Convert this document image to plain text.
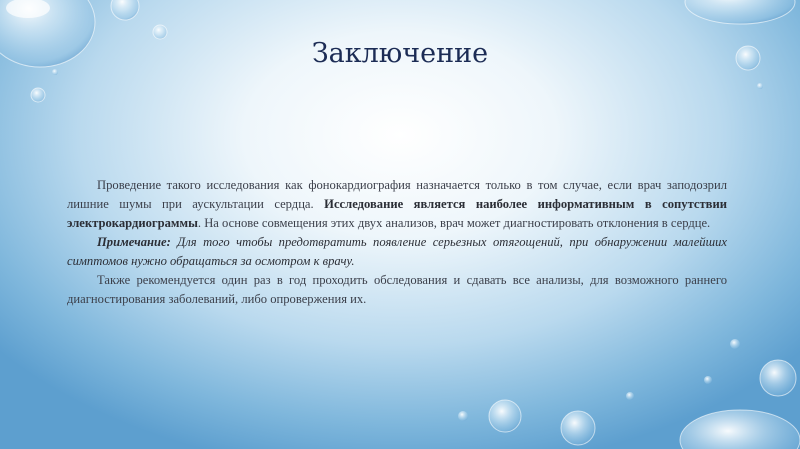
Заключение

Проведение такого исследования как фонокардиография назначается только в том случае, если врач заподозрил лишние шумы при аускультации сердца. Исследование является наиболее информативным в сопутствии электрокардиограммы. На основе совмещения этих двух анализов, врач может диагностировать отклонения в сердце.

Примечание: Для того чтобы предотвратить появление серьезных отягощений, при обнаружении малейших симптомов нужно обращаться за осмотром к врачу.

Также рекомендуется один раз в год проходить обследования и сдавать все анализы, для возможного раннего диагностирования заболеваний, либо опровержения их.
